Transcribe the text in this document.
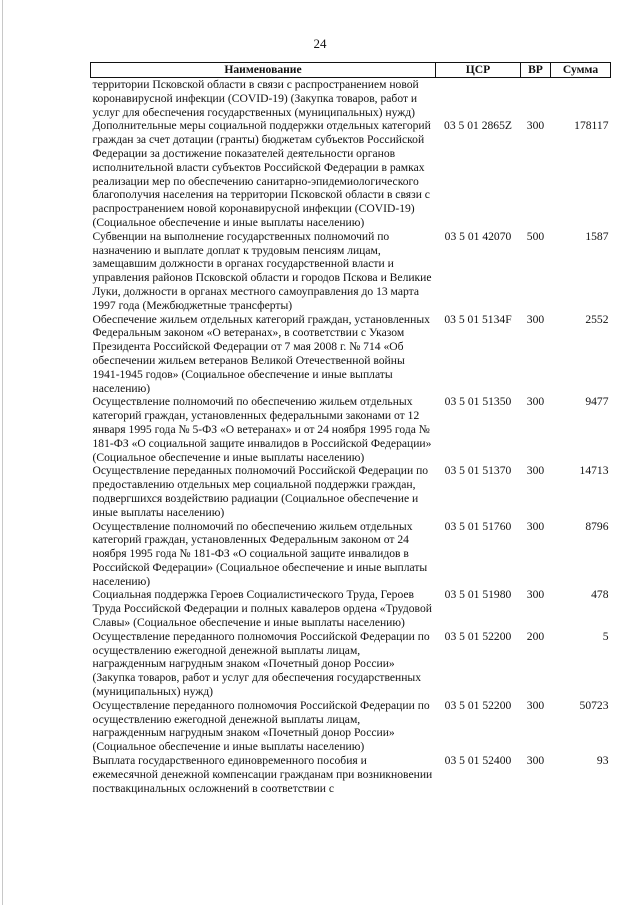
24
Наименование	ЦСР	ВР	Сумма
территории Псковской области в связи с распространением новой коронавирусной инфекции (COVID-19) (Закупка товаров, работ и услуг для обеспечения государственных (муниципальных) нужд)			
Дополнительные меры социальной поддержки отдельных категорий граждан за счет дотации (гранты) бюджетам субъектов Российской Федерации за достижение показателей деятельности органов исполнительной власти субъектов Российской Федерации в рамках реализации мер по обеспечению санитарно-эпидемиологического благополучия населения на территории Псковской области в связи с распространением новой коронавирусной инфекции (COVID-19) (Социальное обеспечение и иные выплаты населению)	03 5 01 2865Z	300	178117
Субвенции на выполнение государственных полномочий по назначению и выплате доплат к трудовым пенсиям лицам, замещавшим должности в органах государственной власти и управления районов Псковской области и городов Пскова и Великие Луки, должности в органах местного самоуправления до 13 марта 1997 года (Межбюджетные трансферты)	03 5 01 42070	500	1587
Обеспечение жильем отдельных категорий граждан, установленных Федеральным законом «О ветеранах», в соответствии с Указом Президента Российской Федерации от 7 мая 2008 г. № 714 «Об обеспечении жильем ветеранов Великой Отечественной войны 1941-1945 годов» (Социальное обеспечение и иные выплаты населению)	03 5 01 5134F	300	2552
Осуществление полномочий по обеспечению жильем отдельных категорий граждан, установленных федеральными законами от 12 января 1995 года № 5-ФЗ «О ветеранах» и от 24 ноября 1995 года № 181-ФЗ «О социальной защите инвалидов в Российской Федерации» (Социальное обеспечение и иные выплаты населению)	03 5 01 51350	300	9477
Осуществление переданных полномочий Российской Федерации по предоставлению отдельных мер социальной поддержки граждан, подвергшихся воздействию радиации (Социальное обеспечение и иные выплаты населению)	03 5 01 51370	300	14713
Осуществление полномочий по обеспечению жильем отдельных категорий граждан, установленных Федеральным законом от 24 ноября 1995 года № 181-ФЗ «О социальной защите инвалидов в Российской Федерации» (Социальное обеспечение и иные выплаты населению)	03 5 01 51760	300	8796
Социальная поддержка Героев Социалистического Труда, Героев Труда Российской Федерации и полных кавалеров ордена «Трудовой Славы» (Социальное обеспечение и иные выплаты населению)	03 5 01 51980	300	478
Осуществление переданного полномочия Российской Федерации по осуществлению ежегодной денежной выплаты лицам, награжденным нагрудным знаком «Почетный донор России» (Закупка товаров, работ и услуг для обеспечения государственных (муниципальных) нужд)	03 5 01 52200	200	5
Осуществление переданного полномочия Российской Федерации по осуществлению ежегодной денежной выплаты лицам, награжденным нагрудным знаком «Почетный донор России» (Социальное обеспечение и иные выплаты населению)	03 5 01 52200	300	50723
Выплата государственного единовременного пособия и ежемесячной денежной компенсации гражданам при возникновении поствакцинальных осложнений в соответствии с	03 5 01 52400	300	93
